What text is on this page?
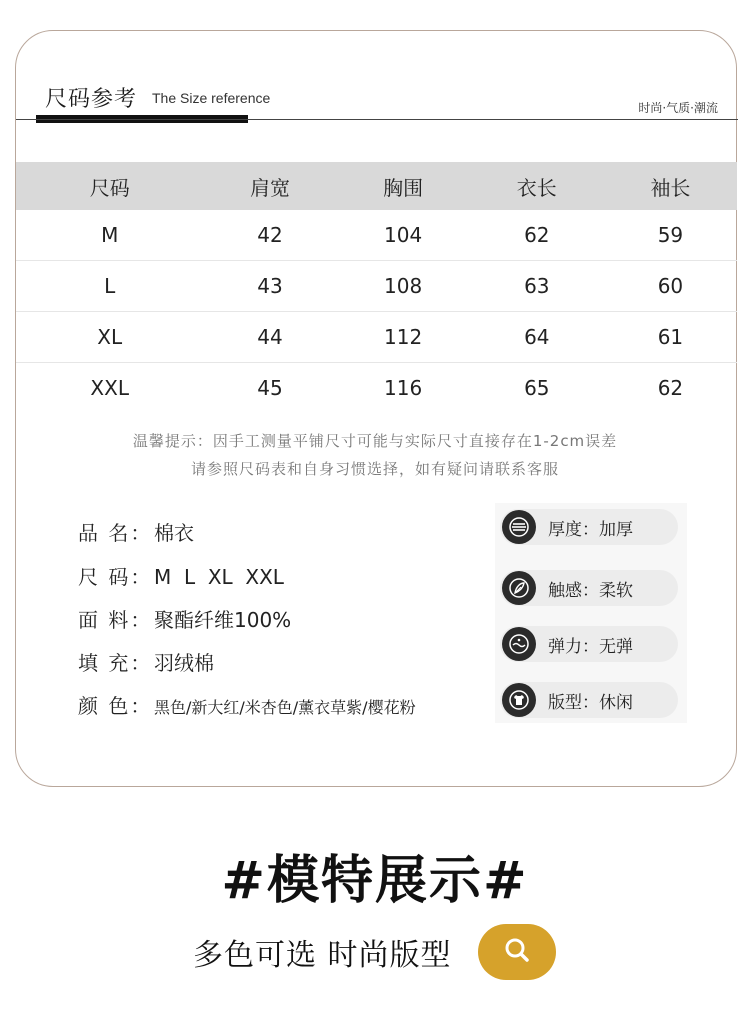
尺码参考 The Size reference
时尚·气质·潮流
尺码	肩宽	胸围	衣长	袖长
M	42	104	62	59
L	43	108	63	60
XL	44	112	64	61
XXL	45	116	65	62
温馨提示：因手工测量平铺尺寸可能与实际尺寸直接存在1-2cm误差
请参照尺码表和自身习惯选择，如有疑问请联系客服
品 名： 棉衣
尺 码： M  L  XL  XXL
面 料： 聚酯纤维100%
填 充： 羽绒棉
颜 色： 黑色/新大红/米杏色/薰衣草紫/樱花粉
厚度：加厚
触感：柔软
弹力：无弹
版型：休闲
#模特展示#
多色可选 时尚版型
